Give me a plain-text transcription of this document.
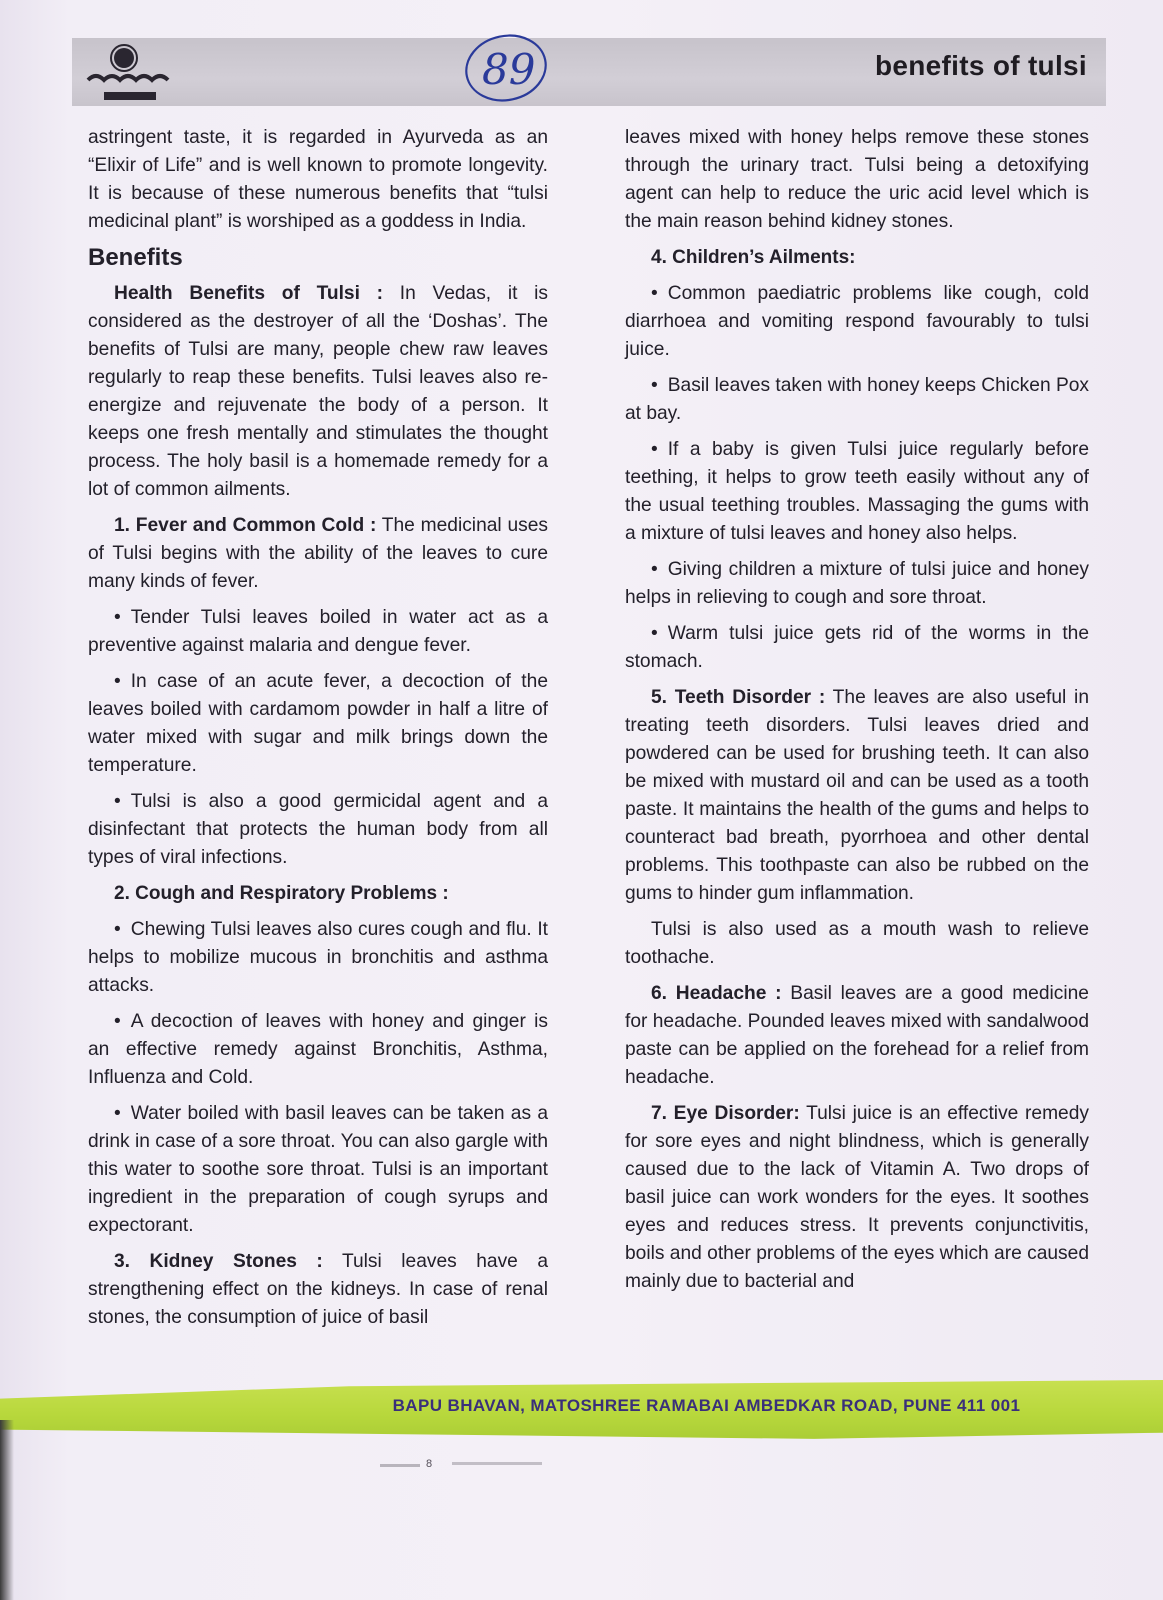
89	benefits of tulsi

astringent taste, it is regarded in Ayurveda as an “Elixir of Life” and is well known to promote longevity. It is because of these numerous benefits that “tulsi medicinal plant” is worshiped as a goddess in India.

Benefits

Health Benefits of Tulsi : In Vedas, it is considered as the destroyer of all the ‘Doshas’. The benefits of Tulsi are many, people chew raw leaves regularly to reap these benefits. Tulsi leaves also re-energize and rejuvenate the body of a person. It keeps one fresh mentally and stimulates the thought process. The holy basil is a homemade remedy for a lot of common ailments.

1. Fever and Common Cold : The medicinal uses of Tulsi begins with the ability of the leaves to cure many kinds of fever.

• Tender Tulsi leaves boiled in water act as a preventive against malaria and dengue fever.

• In case of an acute fever, a decoction of the leaves boiled with cardamom powder in half a litre of water mixed with sugar and milk brings down the temperature.

• Tulsi is also a good germicidal agent and a disinfectant that protects the human body from all types of viral infections.

2. Cough and Respiratory Problems :

• Chewing Tulsi leaves also cures cough and flu. It helps to mobilize mucous in bronchitis and asthma attacks.

• A decoction of leaves with honey and ginger is an effective remedy against Bronchitis, Asthma, Influenza and Cold.

• Water boiled with basil leaves can be taken as a drink in case of a sore throat. You can also gargle with this water to soothe sore throat. Tulsi is an important ingredient in the preparation of cough syrups and expectorant.

3. Kidney Stones : Tulsi leaves have a strengthening effect on the kidneys. In case of renal stones, the consumption of juice of basil

leaves mixed with honey helps remove these stones through the urinary tract. Tulsi being a detoxifying agent can help to reduce the uric acid level which is the main reason behind kidney stones.

4. Children’s Ailments:

• Common paediatric problems like cough, cold diarrhoea and vomiting respond favourably to tulsi juice.

• Basil leaves taken with honey keeps Chicken Pox at bay.

• If a baby is given Tulsi juice regularly before teething, it helps to grow teeth easily without any of the usual teething troubles. Massaging the gums with a mixture of tulsi leaves and honey also helps.

• Giving children a mixture of tulsi juice and honey helps in relieving to cough and sore throat.

• Warm tulsi juice gets rid of the worms in the stomach.

5. Teeth Disorder : The leaves are also useful in treating teeth disorders. Tulsi leaves dried and powdered can be used for brushing teeth. It can also be mixed with mustard oil and can be used as a tooth paste. It maintains the health of the gums and helps to counteract bad breath, pyorrhoea and other dental problems. This toothpaste can also be rubbed on the gums to hinder gum inflammation.

Tulsi is also used as a mouth wash to relieve toothache.

6. Headache : Basil leaves are a good medicine for headache. Pounded leaves mixed with sandalwood paste can be applied on the forehead for a relief from headache.

7. Eye Disorder: Tulsi juice is an effective remedy for sore eyes and night blindness, which is generally caused due to the lack of Vitamin A. Two drops of basil juice can work wonders for the eyes. It soothes eyes and reduces stress. It prevents conjunctivitis, boils and other problems of the eyes which are caused mainly due to bacterial and

BAPU BHAVAN, MATOSHREE RAMABAI AMBEDKAR ROAD, PUNE 411 001
8
